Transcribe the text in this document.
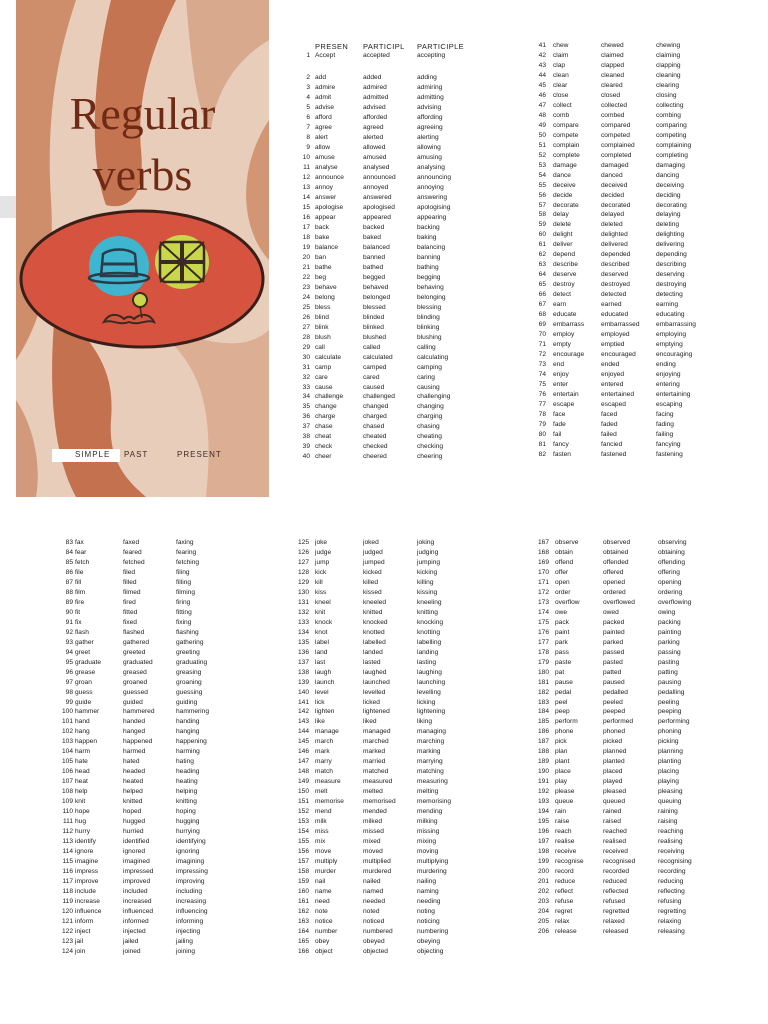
Regular
verbs
SIMPLE PAST	PRESENT
PRESEN PARTICIPL PARTICIPLE
1
2
3
4
5
6
7
8
9
10
11
12
13
14
15
16
17
18
19
20
21
22
23
24
25
26
27
28
29
30
31
32
33
34
35
36
37
38
39
40
Accept
add
admire
admit
advise
afford
agree
alert
allow
amuse
analyse
announce
annoy
answer
apologise
appear
back
bake
balance
ban
bathe
beg
behave
belong
bless
blind
blink
blush
call
calculate
camp
care
cause
challenge
change
charge
chase
cheat
check
cheer
accepted
added
admired
admitted
advised
afforded
agreed
alerted
allowed
amused
analysed
announced
annoyed
answered
apologised
appeared
backed
baked
balanced
banned
bathed
begged
behaved
belonged
blessed
blinded
blinked
blushed
called
calculated
camped
cared
caused
challenged
changed
charged
chased
cheated
checked
cheered
accepting
adding
admiring
admitting
advising
affording
agreeing
alerting
allowing
amusing
analysing
announcing
annoying
answering
apologising
appearing
backing
baking
balancing
banning
bathing
begging
behaving
belonging
blessing
blinding
blinking
blushing
calling
calculating
camping
caring
causing
challenging
changing
charging
chasing
cheating
checking
cheering
41
42
43
44
45
46
47
48
49
50
51
52
53
54
55
56
57
58
59
60
61
62
63
64
65
66
67
68
69
70
71
72
73
74
75
76
77
78
79
80
81
82
chew
claim
clap
clean
clear
close
collect
comb
compare
compete
complain
complete
damage
dance
deceive
decide
decorate
delay
delete
delight
deliver
depend
describe
deserve
destroy
detect
earn
educate
embarrass
employ
empty
encourage
end
enjoy
enter
entertain
escape
face
fade
fail
fancy
fasten
chewed
claimed
clapped
cleaned
cleared
closed
collected
combed
compared
competed
complained
completed
damaged
danced
deceived
decided
decorated
delayed
deleted
delighted
delivered
depended
described
deserved
destroyed
detected
earned
educated
embarrassed
employed
emptied
encouraged
ended
enjoyed
entered
entertained
escaped
faced
faded
failed
fancied
fastened
chewing
claiming
clapping
cleaning
clearing
closing
collecting
combing
comparing
competing
complaining
completing
damaging
dancing
deceiving
deciding
decorating
delaying
deleting
delighting
delivering
depending
describing
deserving
destroying
detecting
earning
educating
embarrassing
employing
emptying
encouraging
ending
enjoying
entering
entertaining
escaping
facing
fading
failing
fancying
fastening
83
84
85
86
87
88
89
90
91
92
93
94
95
96
97
98
99
100
101
102
103
104
105
106
107
108
109
110
111
112
113
114
115
116
117
118
119
120
121
122
123
124
fax
fear
fetch
file
fill
film
fire
fit
fix
flash
gather
greet
graduate
grease
groan
guess
guide
hammer
hand
hang
happen
harm
hate
head
heat
help
knit
hope
hug
hurry
identify
ignore
imagine
impress
improve
include
increase
influence
inform
inject
jail
join
faxed
feared
fetched
filed
filled
filmed
fired
fitted
fixed
flashed
gathered
greeted
graduated
greased
groaned
guessed
guided
hammered
handed
hanged
happened
harmed
hated
headed
heated
helped
knitted
hoped
hugged
hurried
identified
ignored
imagined
impressed
improved
included
increased
influenced
informed
injected
jailed
joined
faxing
fearing
fetching
filing
filling
filming
firing
fitting
fixing
flashing
gathering
greeting
graduating
greasing
groaning
guessing
guiding
hammering
handing
hanging
happening
harming
hating
heading
heating
helping
knitting
hoping
hugging
hurrying
identifying
ignoring
imagining
impressing
improving
including
increasing
influencing
informing
injecting
jailing
joining
125
126
127
128
129
130
131
132
133
134
135
136
137
138
139
140
141
142
143
144
145
146
147
148
149
150
151
152
153
154
155
156
157
158
159
160
161
162
163
164
165
166
joke
judge
jump
kick
kill
kiss
kneel
knit
knock
knot
label
land
last
laugh
launch
level
lick
lighten
like
manage
march
mark
marry
match
measure
melt
memorise
mend
milk
miss
mix
move
multiply
murder
nail
name
need
note
notice
number
obey
object
joked
judged
jumped
kicked
killed
kissed
kneeled
knitted
knocked
knotted
labelled
landed
lasted
laughed
launched
levelled
licked
lightened
liked
managed
marched
marked
married
matched
measured
melted
memorised
mended
milked
missed
mixed
moved
multiplied
murdered
nailed
named
needed
noted
noticed
numbered
obeyed
objected
joking
judging
jumping
kicking
killing
kissing
kneeling
knitting
knocking
knotting
labelling
landing
lasting
laughing
launching
levelling
licking
lightening
liking
managing
marching
marking
marrying
matching
measuring
melting
memorising
mending
milking
missing
mixing
moving
multiplying
murdering
nailing
naming
needing
noting
noticing
numbering
obeying
objecting
167
168
169
170
171
172
173
174
175
176
177
178
179
180
181
182
183
184
185
186
187
188
189
190
191
192
193
194
195
196
197
198
199
200
201
202
203
204
205
206
observe
obtain
offend
offer
open
order
overflow
owe
pack
paint
park
pass
paste
pat
pause
pedal
peel
peep
perform
phone
pick
plan
plant
place
play
please
queue
rain
raise
reach
realise
receive
recognise
record
reduce
reflect
refuse
regret
relax
release
observed
obtained
offended
offered
opened
ordered
overflowed
owed
packed
painted
parked
passed
pasted
patted
paused
pedalled
peeled
peeped
performed
phoned
picked
planned
planted
placed
played
pleased
queued
rained
raised
reached
realised
received
recognised
recorded
reduced
reflected
refused
regretted
relaxed
released
observing
obtaining
offending
offering
opening
ordering
overflowing
owing
packing
painting
parking
passing
pasting
patting
pausing
pedalling
peeling
peeping
performing
phoning
picking
planning
planting
placing
playing
pleasing
queuing
raining
raising
reaching
realising
receiving
recognising
recording
reducing
reflecting
refusing
regretting
relaxing
releasing
